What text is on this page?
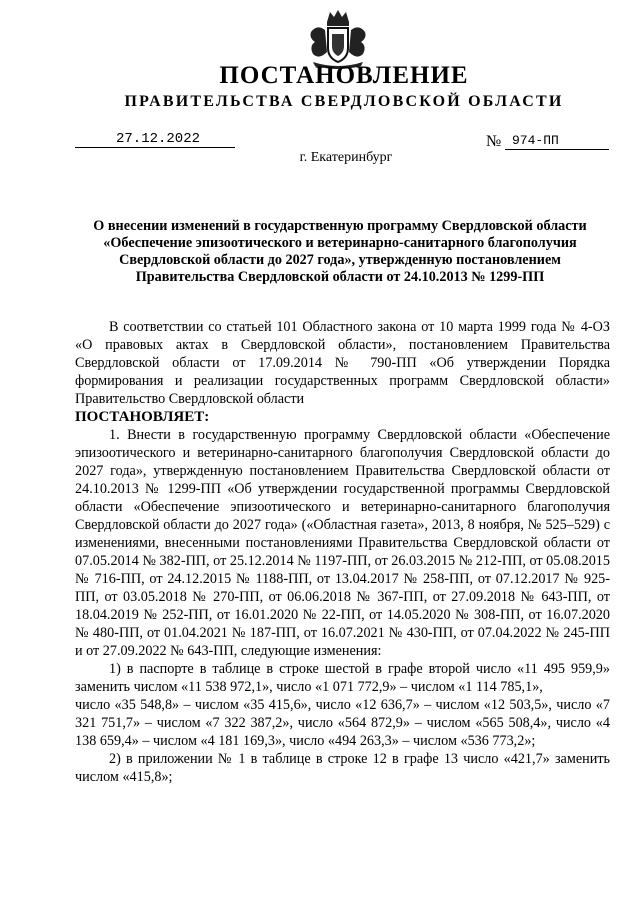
ПОСТАНОВЛЕНИЕ
ПРАВИТЕЛЬСТВА СВЕРДЛОВСКОЙ ОБЛАСТИ
27.12.2022	№ 974-ПП
г. Екатеринбург
О внесении изменений в государственную программу Свердловской области
«Обеспечение эпизоотического и ветеринарно-санитарного благополучия
Свердловской области до 2027 года», утвержденную постановлением
Правительства Свердловской области от 24.10.2013 № 1299-ПП

В соответствии со статьей 101 Областного закона от 10 марта 1999 года № 4-ОЗ «О правовых актах в Свердловской области», постановлением Правительства Свердловской области от 17.09.2014 № 790-ПП «Об утверждении Порядка формирования и реализации государственных программ Свердловской области» Правительство Свердловской области

ПОСТАНОВЛЯЕТ:

1. Внести в государственную программу Свердловской области «Обеспечение эпизоотического и ветеринарно-санитарного благополучия Свердловской области до 2027 года», утвержденную постановлением Правительства Свердловской области от 24.10.2013 № 1299-ПП «Об утверждении государственной программы Свердловской области «Обеспечение эпизоотического и ветеринарно-санитарного благополучия Свердловской области до 2027 года» («Областная газета», 2013, 8 ноября, № 525–529) с изменениями, внесенными постановлениями Правительства Свердловской области от 07.05.2014 № 382-ПП, от 25.12.2014 № 1197-ПП, от 26.03.2015 № 212-ПП, от 05.08.2015 № 716-ПП, от 24.12.2015 № 1188-ПП, от 13.04.2017 № 258-ПП, от 07.12.2017 № 925-ПП, от 03.05.2018 № 270-ПП, от 06.06.2018 № 367-ПП, от 27.09.2018 № 643-ПП, от 18.04.2019 № 252-ПП, от 16.01.2020 № 22-ПП, от 14.05.2020 № 308-ПП, от 16.07.2020 № 480-ПП, от 01.04.2021 № 187-ПП, от 16.07.2021 № 430-ПП, от 07.04.2022 № 245-ПП и от 27.09.2022 № 643-ПП, следующие изменения:

1) в паспорте в таблице в строке шестой в графе второй число «11 495 959,9» заменить числом «11 538 972,1», число «1 071 772,9» – числом «1 114 785,1»,

число «35 548,8» – числом «35 415,6», число «12 636,7» – числом «12 503,5», число «7 321 751,7» – числом «7 322 387,2», число «564 872,9» – числом «565 508,4», число «4 138 659,4» – числом «4 181 169,3», число «494 263,3» – числом «536 773,2»;

2) в приложении № 1 в таблице в строке 12 в графе 13 число «421,7» заменить числом «415,8»;
